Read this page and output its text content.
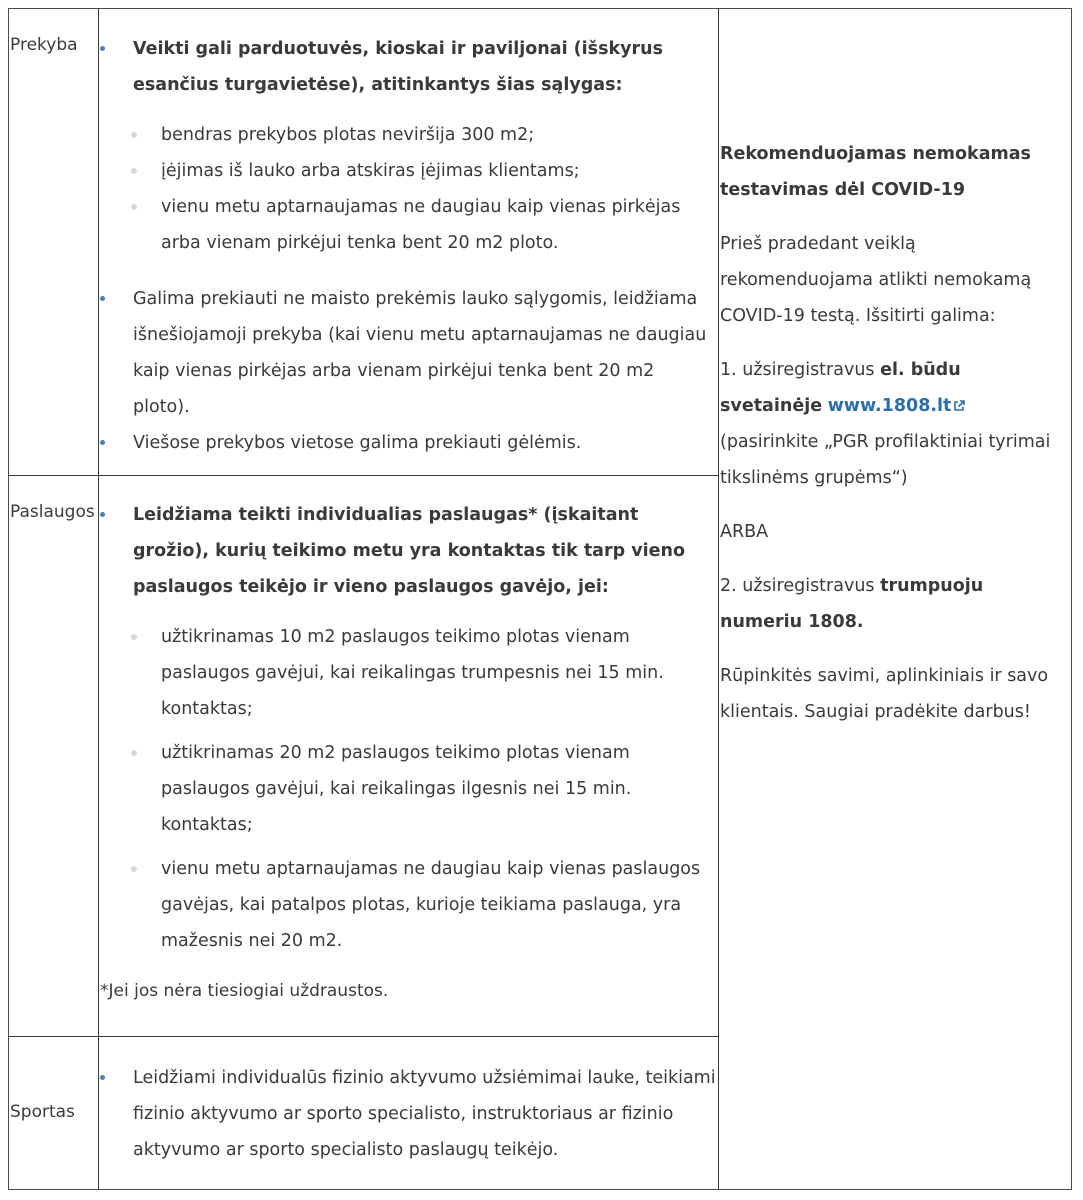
Prekyba
Paslaugos
Sportas
Veikti gali parduotuvės, kioskai ir paviljonai (išskyrus esančius turgavietėse), atitinkantys šias sąlygas:
bendras prekybos plotas neviršija 300 m2;
įėjimas iš lauko arba atskiras įėjimas klientams;
vienu metu aptarnaujamas ne daugiau kaip vienas pirkėjas arba vienam pirkėjui tenka bent 20 m2 ploto.
Galima prekiauti ne maisto prekėmis lauko sąlygomis, leidžiama išnešiojamoji prekyba (kai vienu metu aptarnaujamas ne daugiau kaip vienas pirkėjas arba vienam pirkėjui tenka bent 20 m2 ploto).
Viešose prekybos vietose galima prekiauti gėlėmis.
Leidžiama teikti individualias paslaugas* (įskaitant grožio), kurių teikimo metu yra kontaktas tik tarp vieno paslaugos teikėjo ir vieno paslaugos gavėjo, jei:
užtikrinamas 10 m2 paslaugos teikimo plotas vienam paslaugos gavėjui, kai reikalingas trumpesnis nei 15 min. kontaktas;
užtikrinamas 20 m2 paslaugos teikimo plotas vienam paslaugos gavėjui, kai reikalingas ilgesnis nei 15 min. kontaktas;
vienu metu aptarnaujamas ne daugiau kaip vienas paslaugos gavėjas, kai patalpos plotas, kurioje teikiama paslauga, yra mažesnis nei 20 m2.
*Jei jos nėra tiesiogiai uždraustos.
Leidžiami individualūs fizinio aktyvumo užsiėmimai lauke, teikiami fizinio aktyvumo ar sporto specialisto, instruktoriaus ar fizinio aktyvumo ar sporto specialisto paslaugų teikėjo.

Rekomenduojamas nemokamas testavimas dėl COVID-19

Prieš pradedant veiklą rekomenduojama atlikti nemokamą COVID-19 testą. Išsitirti galima:

1. užsiregistravus el. būdu svetainėje www.1808.lt(pasirinkite „PGR profilaktiniai tyrimai tikslinėms grupėms“)

ARBA

2. užsiregistravus trumpuoju numeriu 1808.

Rūpinkitės savimi, aplinkiniais ir savo klientais. Saugiai pradėkite darbus!
